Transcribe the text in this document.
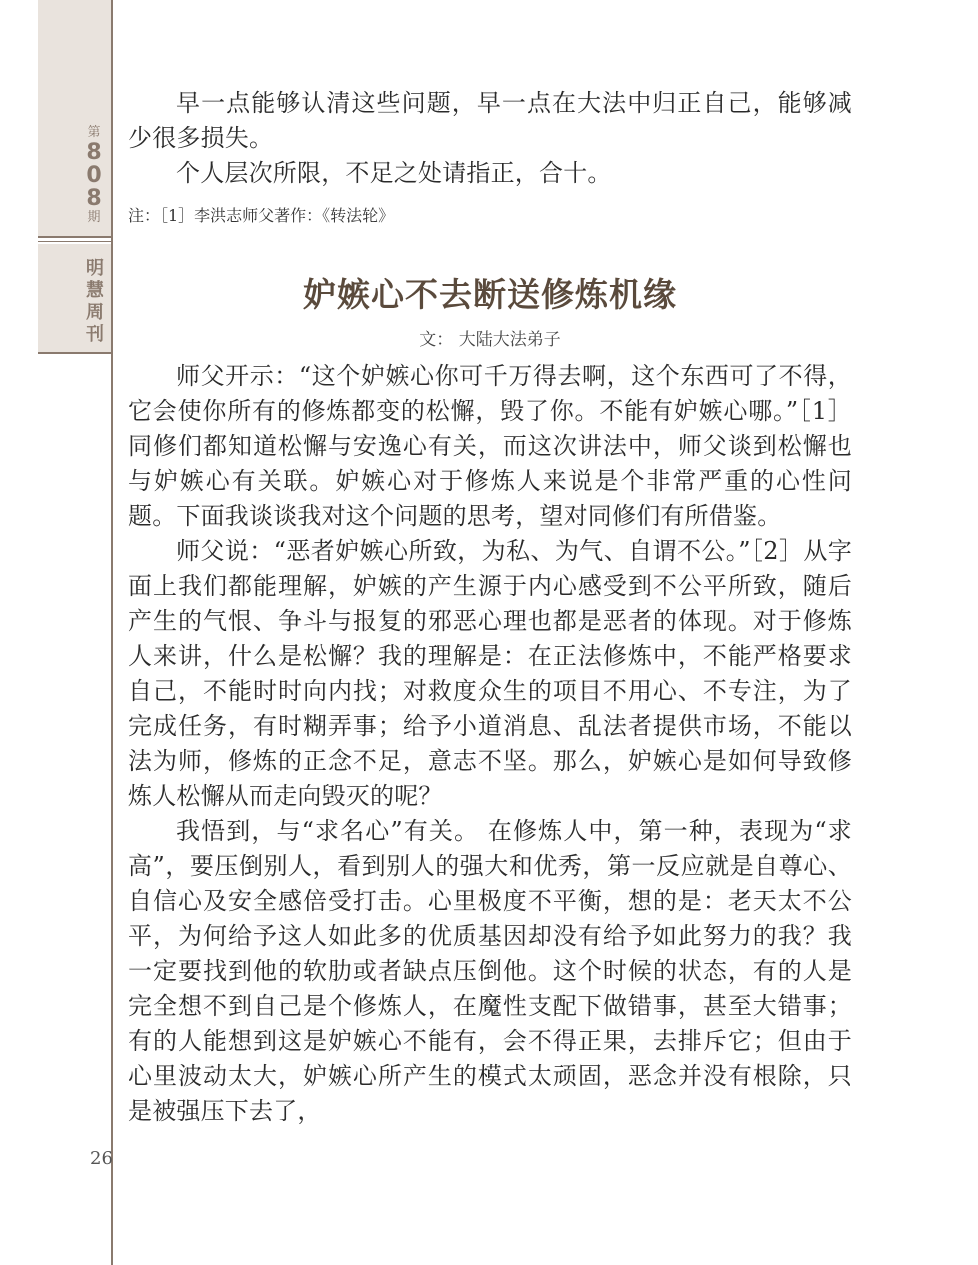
第
8
0
8
期
明
慧
周
刊

早一点能够认清这些问题，早一点在大法中归正自己，能够减少很多损失。

个人层次所限，不足之处请指正，合十。

注：［1］李洪志师父著作：《转法轮》

妒嫉心不去断送修炼机缘
文： 大陆大法弟子

师父开示：“这个妒嫉心你可千万得去啊，这个东西可了不得，它会使你所有的修炼都变的松懈，毁了你。不能有妒嫉心哪。”［1］同修们都知道松懈与安逸心有关，而这次讲法中，师父谈到松懈也与妒嫉心有关联。妒嫉心对于修炼人来说是个非常严重的心性问题。下面我谈谈我对这个问题的思考，望对同修们有所借鉴。

师父说：“恶者妒嫉心所致，为私、为气、自谓不公。”［2］从字面上我们都能理解，妒嫉的产生源于内心感受到不公平所致，随后产生的气恨、争斗与报复的邪恶心理也都是恶者的体现。对于修炼人来讲，什么是松懈？我的理解是：在正法修炼中，不能严格要求自己，不能时时向内找；对救度众生的项目不用心、不专注，为了完成任务，有时糊弄事；给予小道消息、乱法者提供市场，不能以法为师，修炼的正念不足，意志不坚。那么，妒嫉心是如何导致修炼人松懈从而走向毁灭的呢？

我悟到，与“求名心”有关。 在修炼人中，第一种，表现为“求高”，要压倒别人，看到别人的强大和优秀，第一反应就是自尊心、自信心及安全感倍受打击。心里极度不平衡，想的是：老天太不公平，为何给予这人如此多的优质基因却没有给予如此努力的我？我一定要找到他的软肋或者缺点压倒他。这个时候的状态，有的人是完全想不到自己是个修炼人，在魔性支配下做错事，甚至大错事；有的人能想到这是妒嫉心不能有，会不得正果，去排斥它；但由于心里波动太大，妒嫉心所产生的模式太顽固，恶念并没有根除，只是被强压下去了，

26
